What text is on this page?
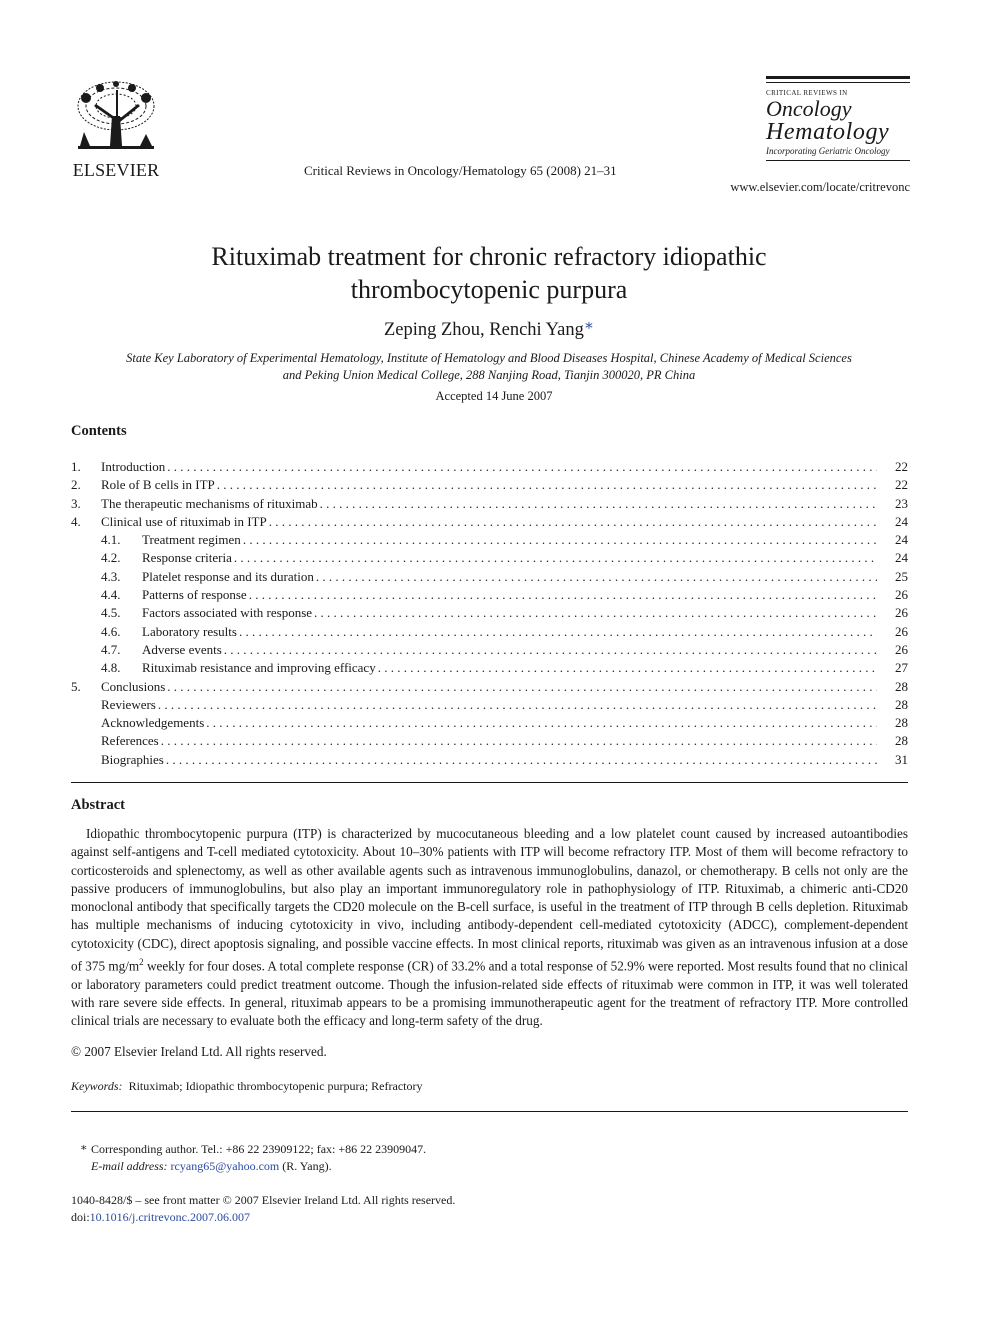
ELSEVIER	Critical Reviews in Oncology/Hematology 65 (2008) 21–31
CRITICAL REVIEWS IN
Oncology
Hematology
Incorporating Geriatric Oncology
www.elsevier.com/locate/critrevonc
Rituximab treatment for chronic refractory idiopathic
thrombocytopenic purpura
Zeping Zhou, Renchi Yang∗
State Key Laboratory of Experimental Hematology, Institute of Hematology and Blood Diseases Hospital, Chinese Academy of Medical Sciences
and Peking Union Medical College, 288 Nanjing Road, Tianjin 300020, PR China
Accepted 14 June 2007
Contents
1. Introduction . . .	22
2. Role of B cells in ITP . . .	22
3. The therapeutic mechanisms of rituximab . . .	23
4. Clinical use of rituximab in ITP . . .	24
4.1.	Treatment regimen . . .	24
4.2.	Response criteria . . .	24
4.3.	Platelet response and its duration . . .	25
4.4.	Patterns of response . . .	26
4.5.	Factors associated with response . . .	26
4.6.	Laboratory results . . .	26
4.7.	Adverse events . . .	26
4.8.	Rituximab resistance and improving efficacy . . .	27
5. Conclusions . . .	28
Reviewers . . .	28
Acknowledgements . . .	28
References . . .	28
Biographies . . .	31
Abstract

Idiopathic thrombocytopenic purpura (ITP) is characterized by mucocutaneous bleeding and a low platelet count caused by increased autoantibodies against self-antigens and T-cell mediated cytotoxicity. About 10–30% patients with ITP will become refractory ITP. Most of them will become refractory to corticosteroids and splenectomy, as well as other available agents such as intravenous immunoglobulins, danazol, or chemotherapy. B cells not only are the passive producers of immunoglobulins, but also play an important immunoregulatory role in pathophysiology of ITP. Rituximab, a chimeric anti-CD20 monoclonal antibody that specifically targets the CD20 molecule on the B-cell surface, is useful in the treatment of ITP through B cells depletion. Rituximab has multiple mechanisms of inducing cytotoxicity in vivo, including antibody-dependent cell-mediated cytotoxicity (ADCC), complement-dependent cytotoxicity (CDC), direct apoptosis signaling, and possible vaccine effects. In most clinical reports, rituximab was given as an intravenous infusion at a dose of 375 $mg/m^2$ weekly for four doses. A total complete response (CR) of 33.2% and a total response of 52.9% were reported. Most results found that no clinical or laboratory parameters could predict treatment outcome. Though the infusion-related side effects of rituximab were common in ITP, it was well tolerated with rare severe side effects. In general, rituximab appears to be a promising immunotherapeutic agent for the treatment of refractory ITP. More controlled clinical trials are necessary to evaluate both the efficacy and long-term safety of the drug.

© 2007 Elsevier Ireland Ltd. All rights reserved.
Keywords: Rituximab; Idiopathic thrombocytopenic purpura; Refractory
∗ Corresponding author. Tel.: +86 22 23909122; fax: +86 22 23909047.
E-mail address: rcyang65@yahoo.com (R. Yang).
1040-8428/$ – see front matter © 2007 Elsevier Ireland Ltd. All rights reserved.
doi:10.1016/j.critrevonc.2007.06.007
